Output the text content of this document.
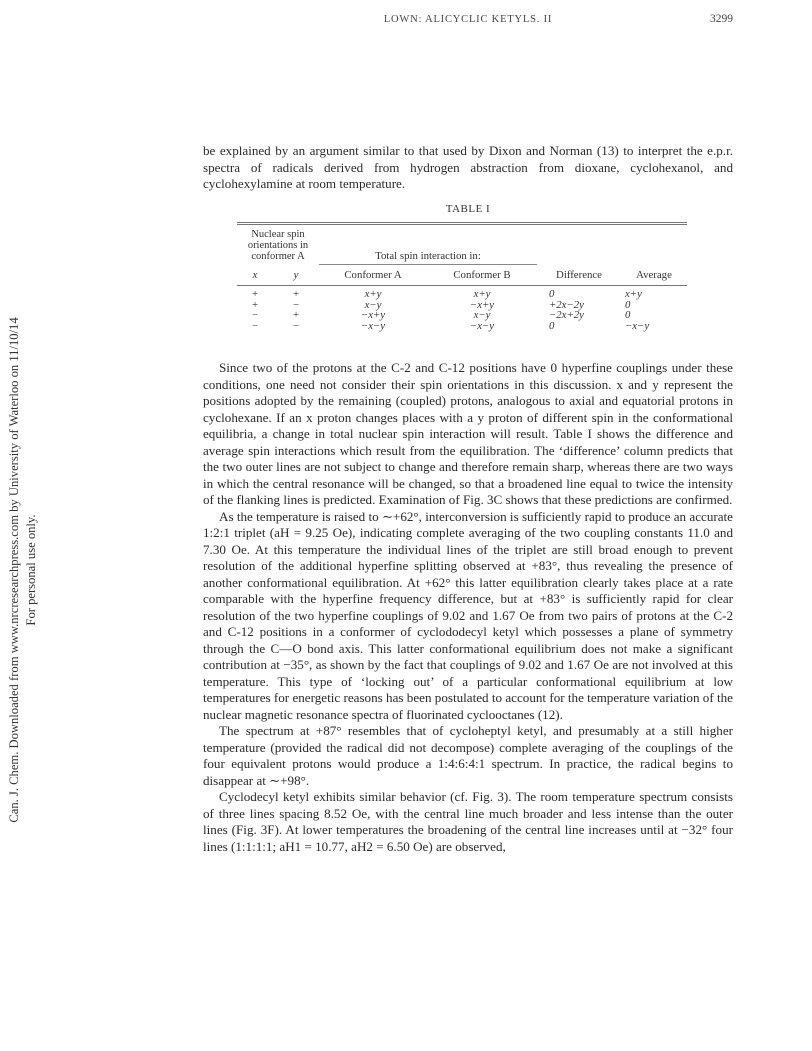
Can. J. Chem. Downloaded from www.nrcresearchpress.com by University of Waterloo on 11/10/14 For personal use only.
LOWN: ALICYCLIC KETYLS. II	3299

be explained by an argument similar to that used by Dixon and Norman (13) to interpret the e.p.r. spectra of radicals derived from hydrogen abstraction from dioxane, cyclohexanol, and cyclohexylamine at room temperature.

TABLE I
Nuclear spin orientations in conformer A	Total spin interaction in:
x	y	Conformer A	Conformer B	Difference	Average
+	+	x+y	x+y	0	x+y
+	−	x−y	−x+y	+2x−2y	0
−	+	−x+y	x−y	−2x+2y	0
−	−	−x−y	−x−y	0	−x−y

Since two of the protons at the C-2 and C-12 positions have 0 hyperfine couplings under these conditions, one need not consider their spin orientations in this discussion. x and y represent the positions adopted by the remaining (coupled) protons, analogous to axial and equatorial protons in cyclohexane. If an x proton changes places with a y proton of different spin in the conformational equilibria, a change in total nuclear spin interaction will result. Table I shows the difference and average spin interactions which result from the equilibration. The ‘difference’ column predicts that the two outer lines are not subject to change and therefore remain sharp, whereas there are two ways in which the central resonance will be changed, so that a broadened line equal to twice the intensity of the flanking lines is predicted. Examination of Fig. 3C shows that these predictions are confirmed.

As the temperature is raised to ∼+62°, interconversion is sufficiently rapid to produce an accurate 1:2:1 triplet (aH = 9.25 Oe), indicating complete averaging of the two coupling constants 11.0 and 7.30 Oe. At this temperature the individual lines of the triplet are still broad enough to prevent resolution of the additional hyperfine splitting observed at +83°, thus revealing the presence of another conformational equilibration. At +62° this latter equilibration clearly takes place at a rate comparable with the hyperfine frequency difference, but at +83° is sufficiently rapid for clear resolution of the two hyperfine couplings of 9.02 and 1.67 Oe from two pairs of protons at the C-2 and C-12 positions in a conformer of cyclododecyl ketyl which possesses a plane of symmetry through the C—O bond axis. This latter conformational equilibrium does not make a significant contribution at −35°, as shown by the fact that couplings of 9.02 and 1.67 Oe are not involved at this temperature. This type of ‘locking out’ of a particular conformational equilibrium at low temperatures for energetic reasons has been postulated to account for the temperature variation of the nuclear magnetic resonance spectra of fluorinated cyclooctanes (12).

The spectrum at +87° resembles that of cycloheptyl ketyl, and presumably at a still higher temperature (provided the radical did not decompose) complete averaging of the couplings of the four equivalent protons would produce a 1:4:6:4:1 spectrum. In practice, the radical begins to disappear at ∼+98°.

Cyclodecyl ketyl exhibits similar behavior (cf. Fig. 3). The room temperature spectrum consists of three lines spacing 8.52 Oe, with the central line much broader and less intense than the outer lines (Fig. 3F). At lower temperatures the broadening of the central line increases until at −32° four lines (1:1:1:1; aH1 = 10.77, aH2 = 6.50 Oe) are observed,
